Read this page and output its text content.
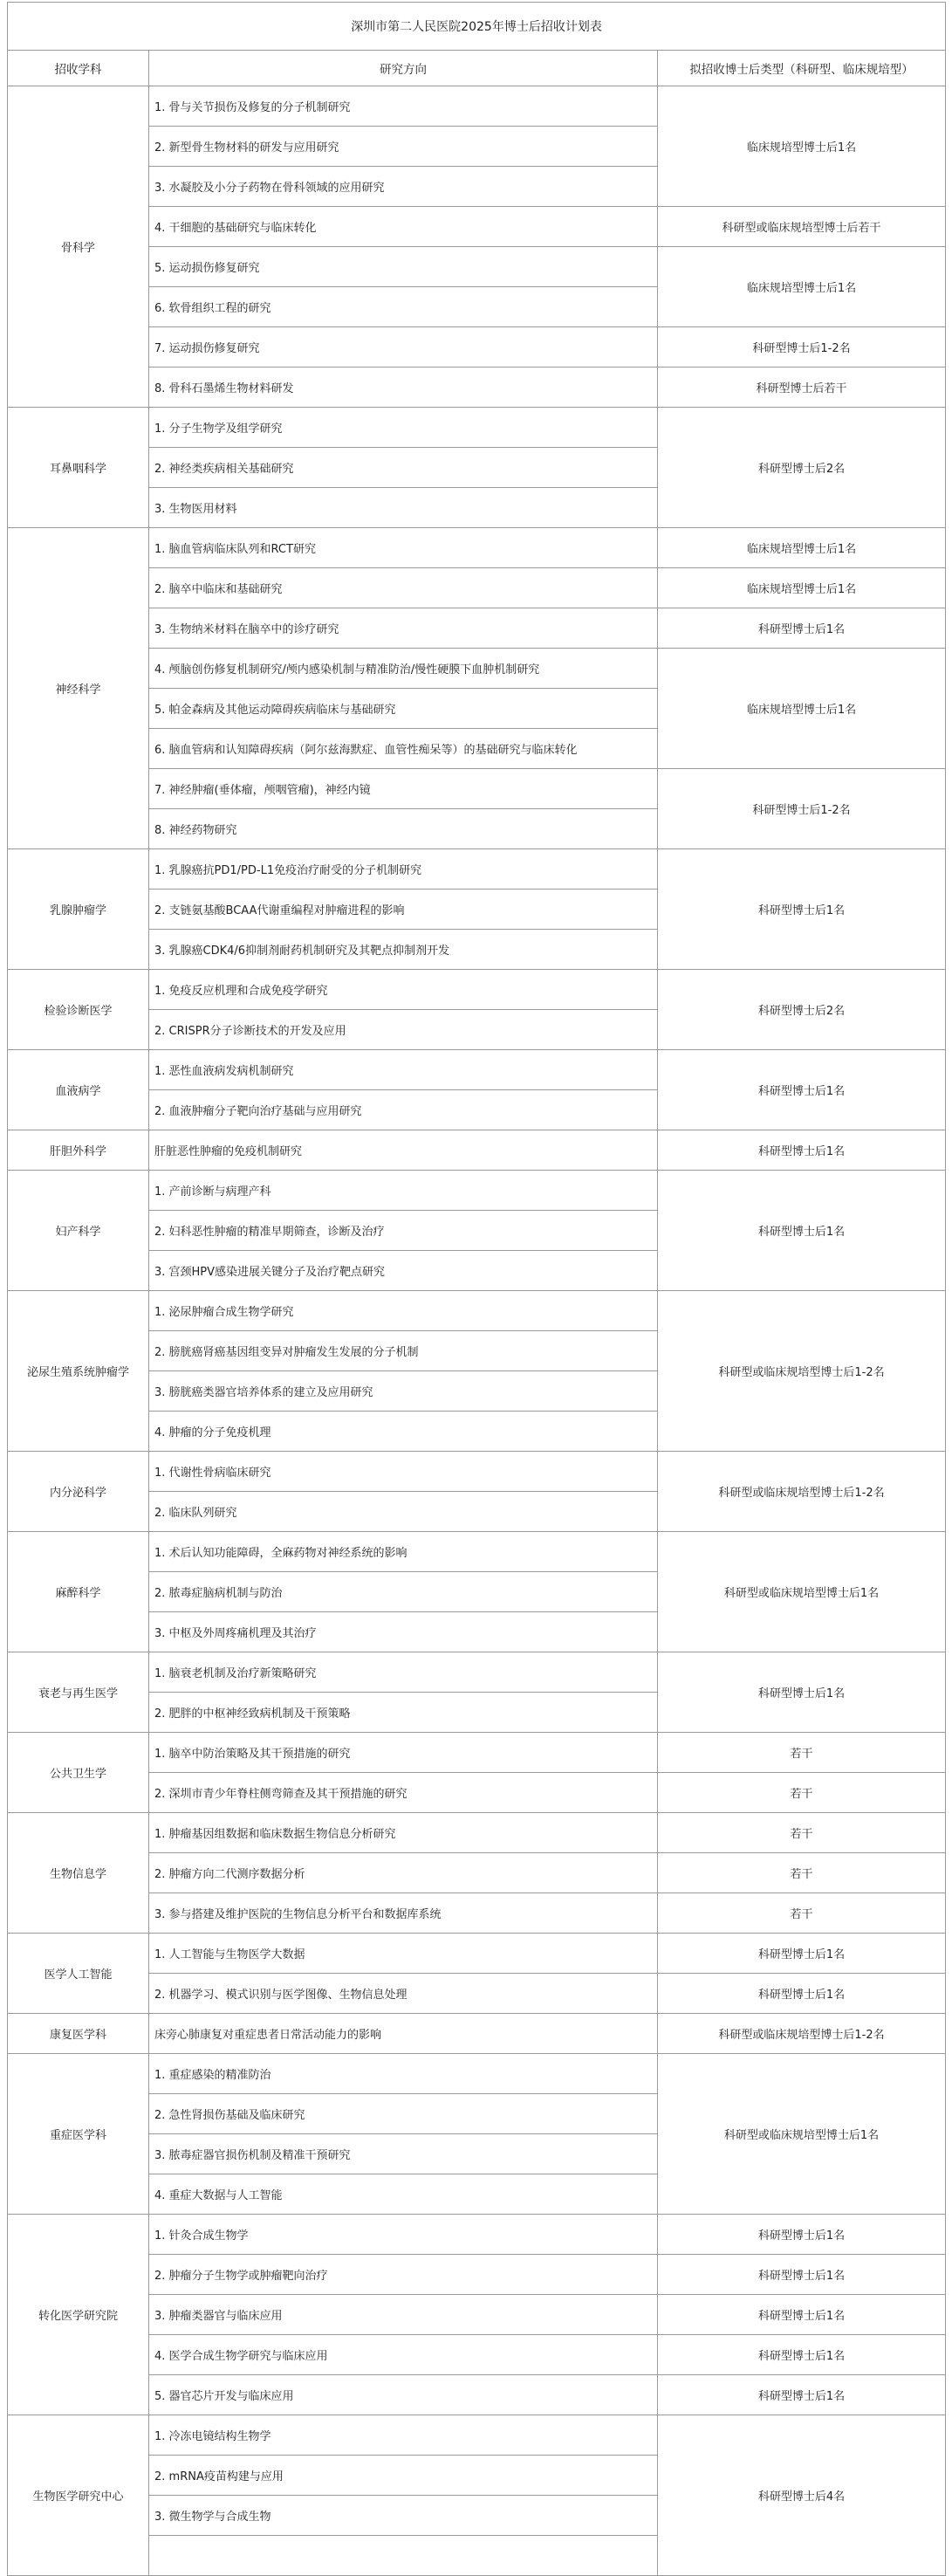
深圳市第二人民医院2025年博士后招收计划表		
招收学科	研究方向	拟招收博士后类型（科研型、临床规培型）
骨科学	1. 骨与关节损伤及修复的分子机制研究	临床规培型博士后1名
	2. 新型骨生物材料的研发与应用研究	
	3. 水凝胶及小分子药物在骨科领域的应用研究	
	4. 干细胞的基础研究与临床转化	科研型或临床规培型博士后若干
	5. 运动损伤修复研究	临床规培型博士后1名
	6. 软骨组织工程的研究	
	7. 运动损伤修复研究	科研型博士后1-2名
	8. 骨科石墨烯生物材料研发	科研型博士后若干
耳鼻咽科学	1. 分子生物学及组学研究	科研型博士后2名
	2. 神经类疾病相关基础研究	
	3. 生物医用材料	
神经科学	1. 脑血管病临床队列和RCT研究	临床规培型博士后1名
	2. 脑卒中临床和基础研究	临床规培型博士后1名
	3. 生物纳米材料在脑卒中的诊疗研究	科研型博士后1名
	4. 颅脑创伤修复机制研究/颅内感染机制与精准防治/慢性硬膜下血肿机制研究	临床规培型博士后1名
	5. 帕金森病及其他运动障碍疾病临床与基础研究	
	6. 脑血管病和认知障碍疾病（阿尔兹海默症、血管性痴呆等）的基础研究与临床转化	
	7. 神经肿瘤(垂体瘤，颅咽管瘤)，神经内镜	科研型博士后1-2名
	8. 神经药物研究	
乳腺肿瘤学	1. 乳腺癌抗PD1/PD-L1免疫治疗耐受的分子机制研究	科研型博士后1名
	2. 支链氨基酸BCAA代谢重编程对肿瘤进程的影响	
	3. 乳腺癌CDK4/6抑制剂耐药机制研究及其靶点抑制剂开发	
检验诊断医学	1. 免疫反应机理和合成免疫学研究	科研型博士后2名
	2. CRISPR分子诊断技术的开发及应用	
血液病学	1. 恶性血液病发病机制研究	科研型博士后1名
	2. 血液肿瘤分子靶向治疗基础与应用研究	
肝胆外科学	肝脏恶性肿瘤的免疫机制研究	科研型博士后1名
妇产科学	1. 产前诊断与病理产科	科研型博士后1名
	2. 妇科恶性肿瘤的精准早期筛查，诊断及治疗	
	3. 宫颈HPV感染进展关键分子及治疗靶点研究	
泌尿生殖系统肿瘤学	1. 泌尿肿瘤合成生物学研究	科研型或临床规培型博士后1-2名
	2. 膀胱癌肾癌基因组变异对肿瘤发生发展的分子机制	
	3. 膀胱癌类器官培养体系的建立及应用研究	
	4. 肿瘤的分子免疫机理	
内分泌科学	1. 代谢性骨病临床研究	科研型或临床规培型博士后1-2名
	2. 临床队列研究	
麻醉科学	1. 术后认知功能障碍，全麻药物对神经系统的影响	科研型或临床规培型博士后1名
	2. 脓毒症脑病机制与防治	
	3. 中枢及外周疼痛机理及其治疗	
衰老与再生医学	1. 脑衰老机制及治疗新策略研究	科研型博士后1名
	2. 肥胖的中枢神经致病机制及干预策略	
公共卫生学	1. 脑卒中防治策略及其干预措施的研究	若干
	2. 深圳市青少年脊柱侧弯筛查及其干预措施的研究	若干
生物信息学	1. 肿瘤基因组数据和临床数据生物信息分析研究	若干
	2. 肿瘤方向二代测序数据分析	若干
	3. 参与搭建及维护医院的生物信息分析平台和数据库系统	若干
医学人工智能	1. 人工智能与生物医学大数据	科研型博士后1名
	2. 机器学习、模式识别与医学图像、生物信息处理	科研型博士后1名
康复医学科	床旁心肺康复对重症患者日常活动能力的影响	科研型或临床规培型博士后1-2名
重症医学科	1. 重症感染的精准防治	科研型或临床规培型博士后1名
	2. 急性肾损伤基础及临床研究	
	3. 脓毒症器官损伤机制及精准干预研究	
	4. 重症大数据与人工智能	
转化医学研究院	1. 针灸合成生物学	科研型博士后1名
	2. 肿瘤分子生物学或肿瘤靶向治疗	科研型博士后1名
	3. 肿瘤类器官与临床应用	科研型博士后1名
	4. 医学合成生物学研究与临床应用	科研型博士后1名
	5. 器官芯片开发与临床应用	科研型博士后1名
生物医学研究中心	1. 冷冻电镜结构生物学	科研型博士后4名
	2. mRNA疫苗构建与应用	
	3. 微生物学与合成生物	
